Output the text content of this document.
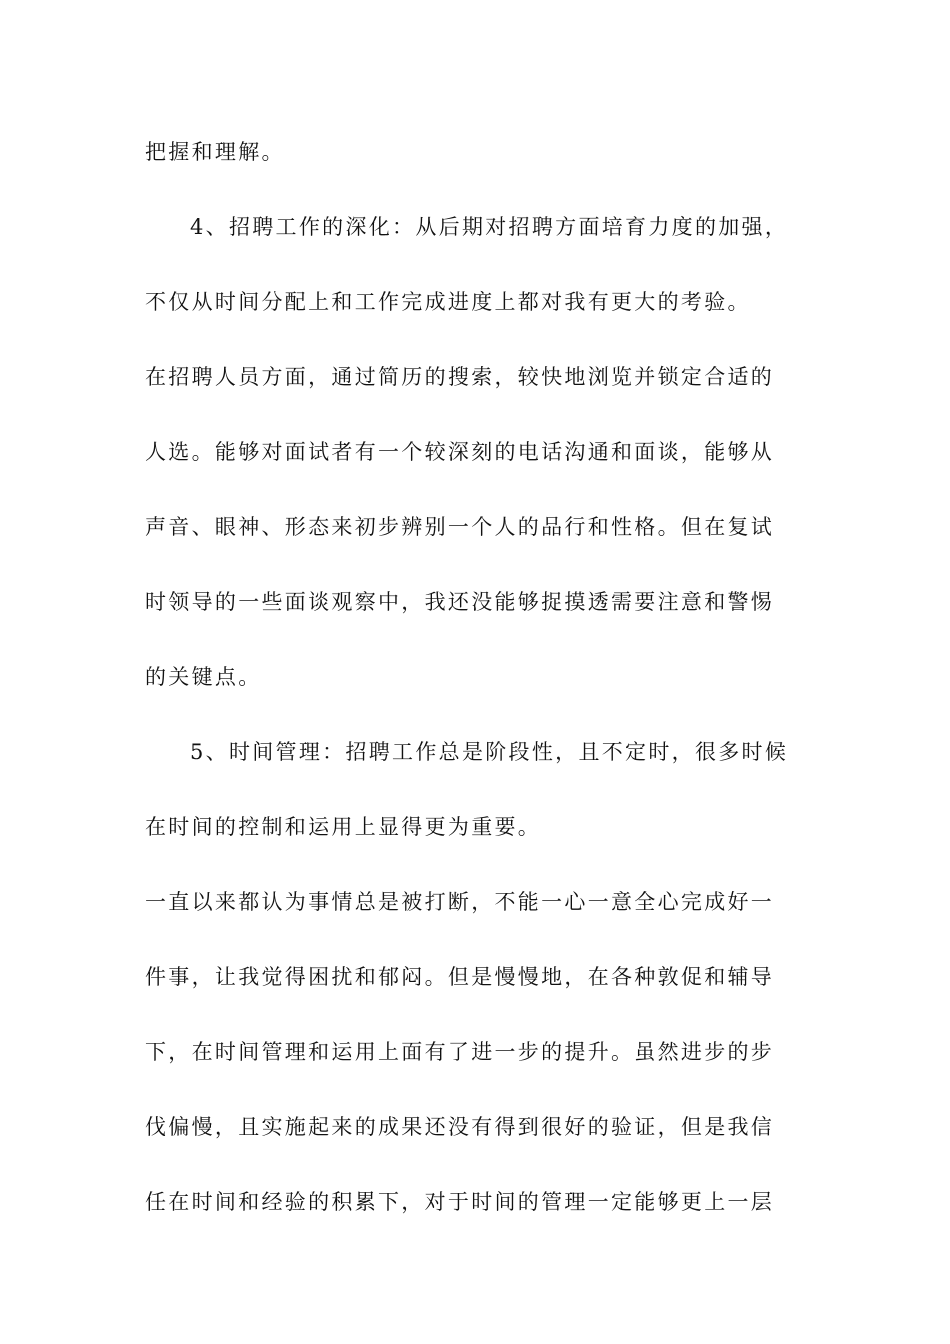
把握和理解。
4、招聘工作的深化：从后期对招聘方面培育力度的加强，
不仅从时间分配上和工作完成进度上都对我有更大的考验。
在招聘人员方面，通过简历的搜索，较快地浏览并锁定合适的
人选。能够对面试者有一个较深刻的电话沟通和面谈，能够从
声音、眼神、形态来初步辨别一个人的品行和性格。但在复试
时领导的一些面谈观察中，我还没能够捉摸透需要注意和警惕
的关键点。
5、时间管理：招聘工作总是阶段性，且不定时，很多时候
在时间的控制和运用上显得更为重要。
一直以来都认为事情总是被打断，不能一心一意全心完成好一
件事，让我觉得困扰和郁闷。但是慢慢地，在各种敦促和辅导
下，在时间管理和运用上面有了进一步的提升。虽然进步的步
伐偏慢，且实施起来的成果还没有得到很好的验证，但是我信
任在时间和经验的积累下，对于时间的管理一定能够更上一层
